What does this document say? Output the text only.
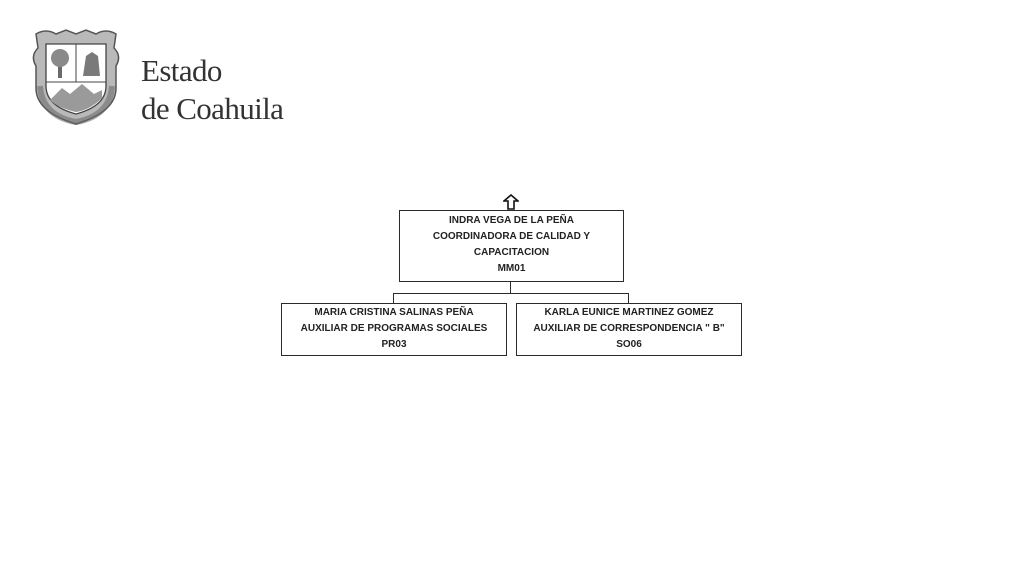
Estado
de Coahuila
INDRA VEGA DE LA PEÑA
COORDINADORA DE CALIDAD Y
CAPACITACION
MM01
MARIA CRISTINA SALINAS PEÑA
AUXILIAR DE PROGRAMAS SOCIALES
PR03
KARLA EUNICE MARTINEZ GOMEZ
AUXILIAR DE CORRESPONDENCIA " B"
SO06
